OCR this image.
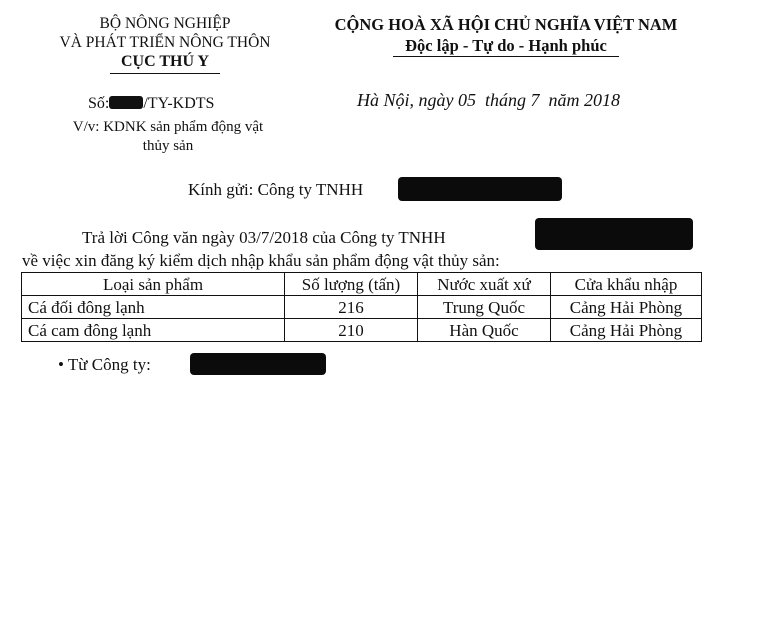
BỘ NÔNG NGHIỆP
VÀ PHÁT TRIỂN NÔNG THÔN
CỤC THÚ Y
Số: /TY-KDTS
V/v: KDNK sản phẩm động vật
thủy sản
CỘNG HOÀ XÃ HỘI CHỦ NGHĨA VIỆT NAM
Độc lập - Tự do - Hạnh phúc
Hà Nội, ngày 05  tháng 7  năm 2018
Kính gửi: Công ty TNHH
Trả lời Công văn ngày 03/7/2018 của Công ty TNHH
về việc xin đăng ký kiểm dịch nhập khẩu sản phẩm động vật thủy sản:
Loại sản phẩm	Số lượng (tấn)	Nước xuất xứ	Cửa khẩu nhập
Cá đối đông lạnh	216	Trung Quốc	Cảng Hải Phòng
Cá cam đông lạnh	210	Hàn Quốc	Cảng Hải Phòng
• Từ Công ty:
